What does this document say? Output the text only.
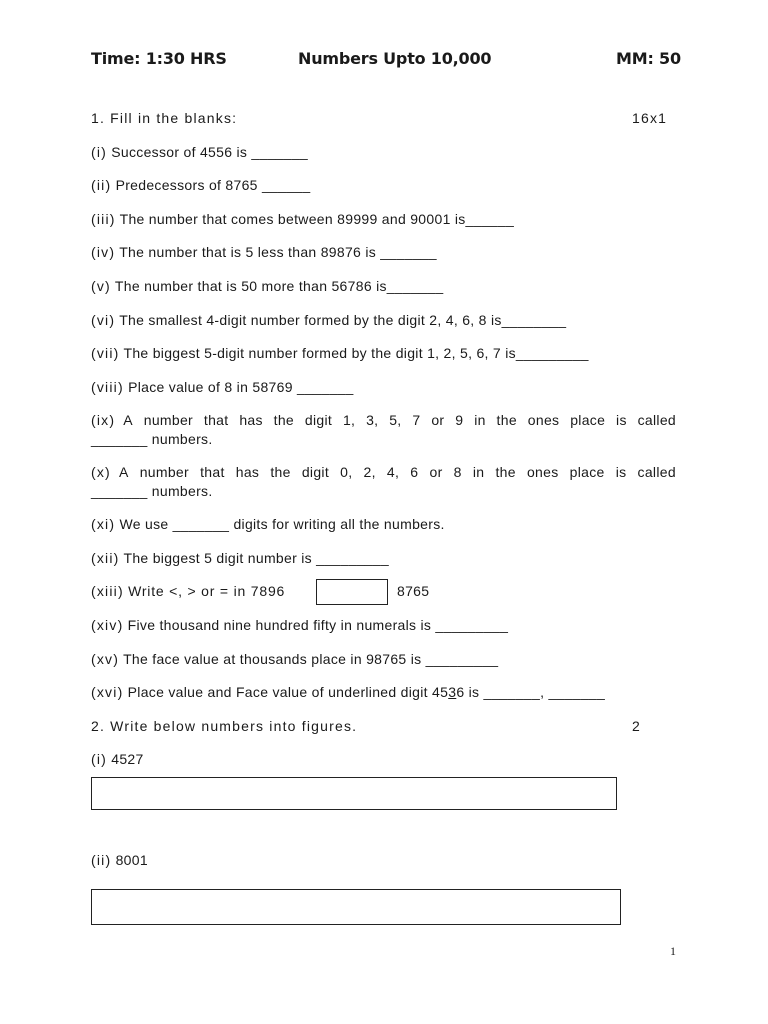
Time: 1:30 HRS	Numbers Upto 10,000	MM: 50
1. Fill in the blanks:	16x1
(i) Successor of 4556 is _______
(ii) Predecessors of 8765 ______
(iii) The number that comes between 89999 and 90001 is______
(iv) The number that is 5 less than 89876 is _______
(v) The number that is 50 more than 56786 is_______
(vi) The smallest 4-digit number formed by the digit 2, 4, 6, 8 is________
(vii) The biggest 5-digit number formed by the digit 1, 2, 5, 6, 7 is_________
(viii) Place value of 8 in 58769 _______
(ix) A number that has the digit 1, 3, 5, 7 or 9 in the ones place is called
_______ numbers.
(x) A number that has the digit 0, 2, 4, 6 or 8 in the ones place is called
_______ numbers.
(xi) We use _______ digits for writing all the numbers.
(xii) The biggest 5 digit number is _________
(xiii) Write <, > or = in 7896	8765
(xiv) Five thousand nine hundred fifty in numerals is _________
(xv) The face value at thousands place in 98765 is _________
(xvi) Place value and Face value of underlined digit 4536 is _______, _______
2. Write below numbers into figures.	2
(i) 4527
(ii) 8001
1
